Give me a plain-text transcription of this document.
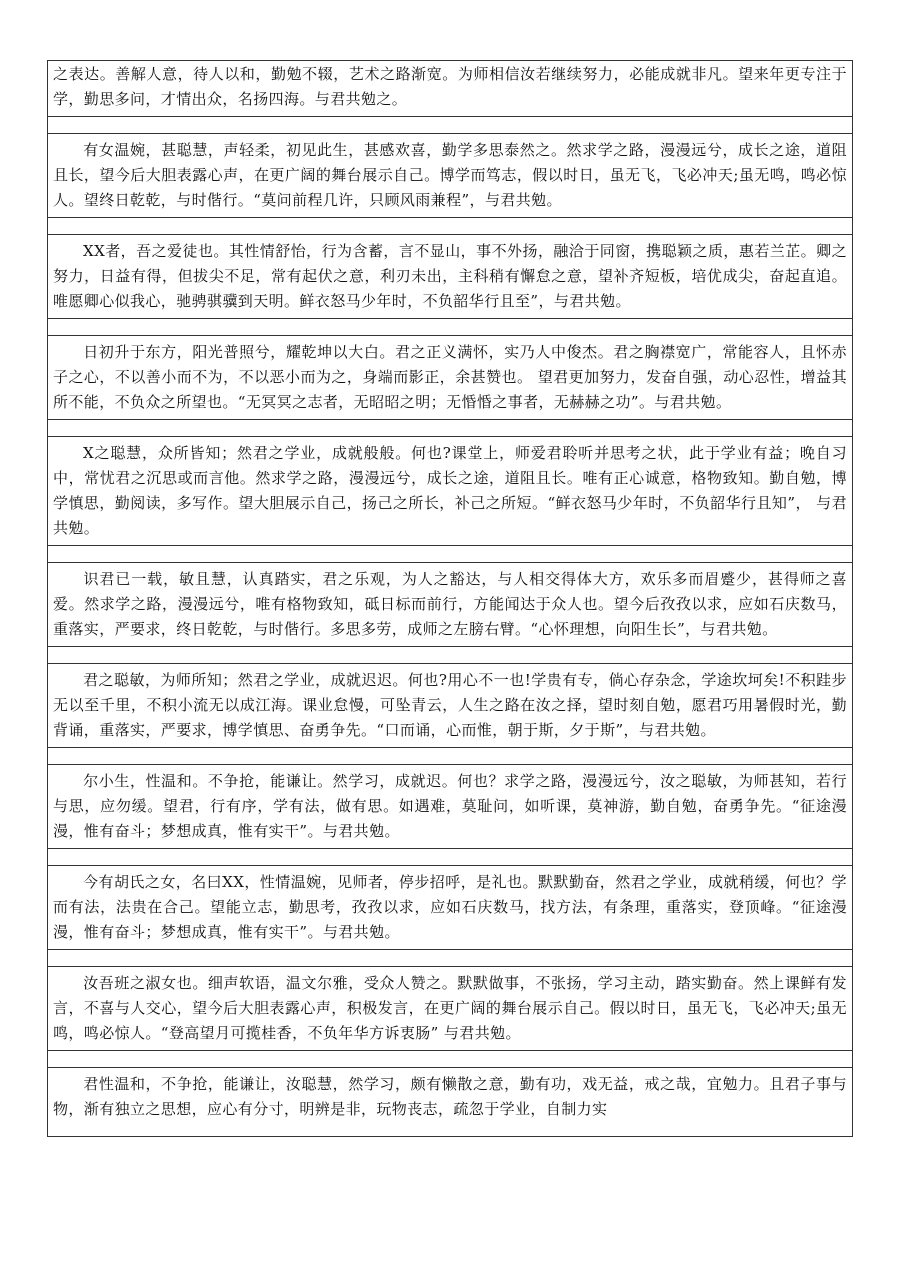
之表达。善解人意，待人以和，勤勉不辍，艺术之路渐宽。为师相信汝若继续努力，必能成就非凡。望来年更专注于学，勤思多问，才情出众，名扬四海。与君共勉之。

有女温婉，甚聪慧，声轻柔，初见此生，甚感欢喜，勤学多思泰然之。然求学之路，漫漫远兮，成长之途，道阻且长，望今后大胆表露心声，在更广阔的舞台展示自己。博学而笃志，假以时日，虽无飞，飞必冲天;虽无鸣，鸣必惊人。望终日乾乾，与时偕行。“莫问前程几许，只顾风雨兼程”，与君共勉。

XX者，吾之爱徒也。其性情舒怡，行为含蓄，言不显山，事不外扬，融洽于同窗，携聪颖之质，惠若兰芷。卿之努力，日益有得，但拔尖不足，常有起伏之意，利刃未出，主科稍有懈怠之意，望补齐短板，培优成尖，奋起直追。唯愿卿心似我心，驰骋骐骥到天明。鲜衣怒马少年时，不负韶华行且至”，与君共勉。

日初升于东方，阳光普照兮，耀乾坤以大白。君之正义满怀，实乃人中俊杰。君之胸襟宽广，常能容人，且怀赤子之心，不以善小而不为，不以恶小而为之，身端而影正，余甚赞也。 望君更加努力，发奋自强，动心忍性，增益其所不能，不负众之所望也。“无冥冥之志者，无昭昭之明；无惛惛之事者，无赫赫之功”。与君共勉。

X之聪慧，众所皆知；然君之学业，成就般般。何也?课堂上，师爱君聆听并思考之状，此于学业有益；晚自习中，常忧君之沉思或而言他。然求学之路，漫漫远兮，成长之途，道阻且长。唯有正心诚意，格物致知。勤自勉，博学慎思，勤阅读，多写作。望大胆展示自己，扬己之所长，补己之所短。“鲜衣怒马少年时，不负韶华行且知”， 与君共勉。

识君已一载，敏且慧，认真踏实，君之乐观，为人之豁达，与人相交得体大方，欢乐多而眉蹙少，甚得师之喜爱。然求学之路，漫漫远兮，唯有格物致知，砥日标而前行，方能闻达于众人也。望今后孜孜以求，应如石庆数马，重落实，严要求，终日乾乾，与时偕行。多思多劳，成师之左膀右臂。“心怀理想，向阳生长”，与君共勉。

君之聪敏，为师所知；然君之学业，成就迟迟。何也?用心不一也!学贵有专，倘心存杂念，学途坎坷矣!不积跬步无以至千里，不积小流无以成江海。课业怠慢，可坠青云，人生之路在汝之择，望时刻自勉，愿君巧用暑假时光，勤背诵，重落实，严要求，博学慎思、奋勇争先。“口而诵，心而惟，朝于斯，夕于斯”，与君共勉。

尔小生，性温和。不争抢，能谦让。然学习，成就迟。何也？求学之路，漫漫远兮，汝之聪敏，为师甚知，若行与思，应勿缓。望君，行有序，学有法，做有思。如遇难，莫耻问，如听课，莫神游，勤自勉，奋勇争先。“征途漫漫，惟有奋斗；梦想成真，惟有实干”。与君共勉。

今有胡氏之女，名曰XX，性情温婉，见师者，停步招呼，是礼也。默默勤奋，然君之学业，成就稍缓，何也？学而有法，法贵在合己。望能立志，勤思考，孜孜以求，应如石庆数马，找方法，有条理，重落实，登顶峰。“征途漫漫，惟有奋斗；梦想成真，惟有实干”。与君共勉。

汝吾班之淑女也。细声软语，温文尔雅，受众人赞之。默默做事，不张扬，学习主动，踏实勤奋。然上课鲜有发言，不喜与人交心，望今后大胆表露心声，积极发言，在更广阔的舞台展示自己。假以时日，虽无飞，飞必冲天;虽无鸣，鸣必惊人。“登高望月可揽桂香，不负年华方诉衷肠” 与君共勉。

君性温和，不争抢，能谦让，汝聪慧，然学习，颇有懒散之意，勤有功，戏无益，戒之哉，宜勉力。且君子事与物，渐有独立之思想，应心有分寸，明辨是非，玩物丧志，疏忽于学业，自制力实
